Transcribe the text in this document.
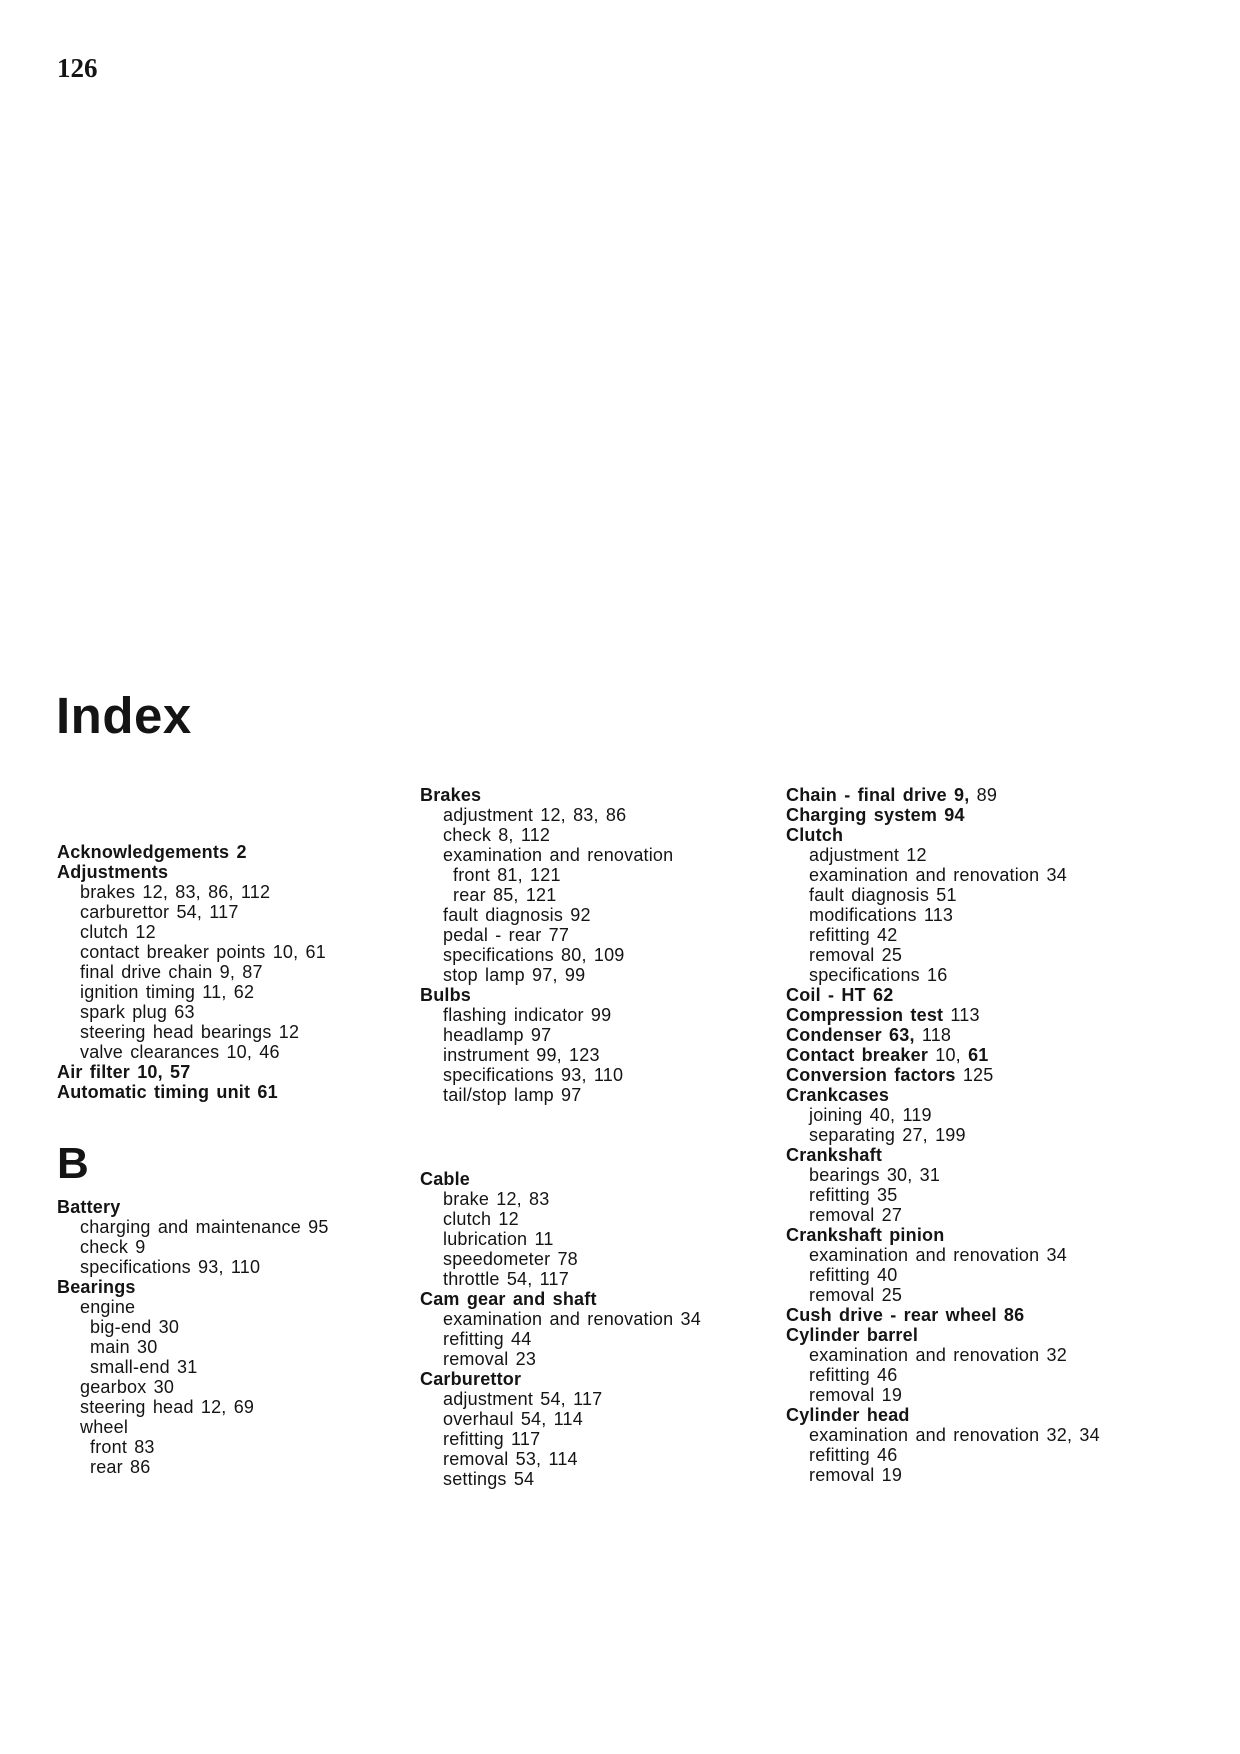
126
Index
Acknowledgements 2
Adjustments
brakes 12, 83, 86, 112
carburettor 54, 117
clutch 12
contact breaker points 10, 61
final drive chain 9, 87
ignition timing 11, 62
spark plug 63
steering head bearings 12
valve clearances 10, 46
Air filter 10, 57
Automatic timing unit 61
B
Battery
charging and maintenance 95
check 9
specifications 93, 110
Bearings
engine
big-end 30
main 30
small-end 31
gearbox 30
steering head 12, 69
wheel
front 83
rear 86
Brakes
adjustment 12, 83, 86
check 8, 112
examination and renovation
front 81, 121
rear 85, 121
fault diagnosis 92
pedal - rear 77
specifications 80, 109
stop lamp 97, 99
Bulbs
flashing indicator 99
headlamp 97
instrument 99, 123
specifications 93, 110
tail/stop lamp 97
Cable
brake 12, 83
clutch 12
lubrication 11
speedometer 78
throttle 54, 117
Cam gear and shaft
examination and renovation 34
refitting 44
removal 23
Carburettor
adjustment 54, 117
overhaul 54, 114
refitting 117
removal 53, 114
settings 54
Chain - final drive 9, 89
Charging system 94
Clutch
adjustment 12
examination and renovation 34
fault diagnosis 51
modifications 113
refitting 42
removal 25
specifications 16
Coil - HT 62
Compression test 113
Condenser 63, 118
Contact breaker 10, 61
Conversion factors 125
Crankcases
joining 40, 119
separating 27, 199
Crankshaft
bearings 30, 31
refitting 35
removal 27
Crankshaft pinion
examination and renovation 34
refitting 40
removal 25
Cush drive - rear wheel 86
Cylinder barrel
examination and renovation 32
refitting 46
removal 19
Cylinder head
examination and renovation 32, 34
refitting 46
removal 19
